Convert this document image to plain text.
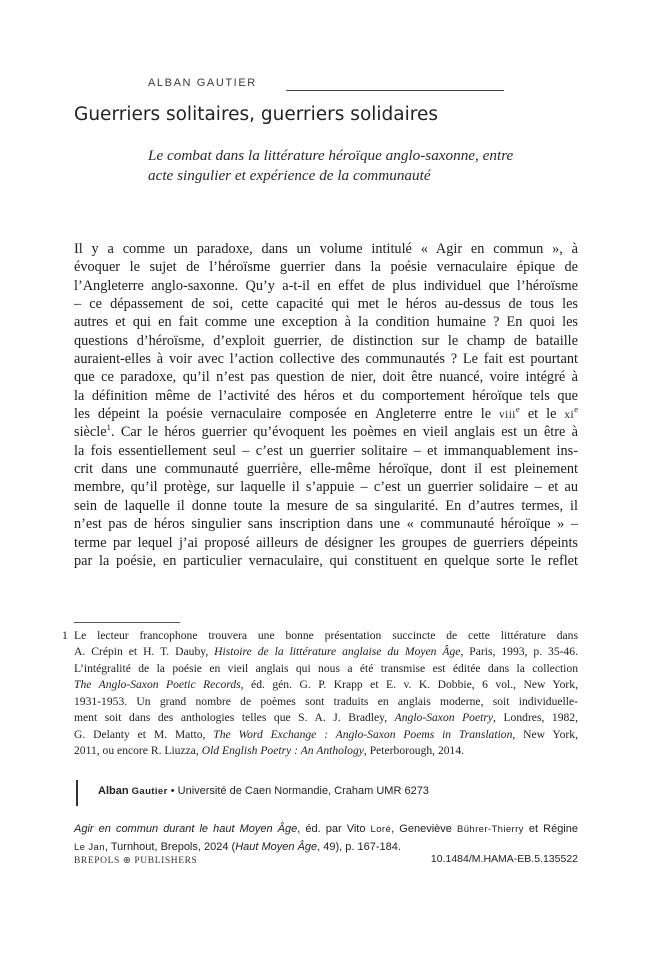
ALBAN GAUTIER
Guerriers solitaires, guerriers solidaires
Le combat dans la littérature héroïque anglo-saxonne, entre
acte singulier et expérience de la communauté
Il y a comme un paradoxe, dans un volume intitulé « Agir en commun », à
évoquer le sujet de l’héroïsme guerrier dans la poésie vernaculaire épique de
l’Angleterre anglo-saxonne. Qu’y a-t-il en effet de plus individuel que l’héroïsme
– ce dépassement de soi, cette capacité qui met le héros au-dessus de tous les
autres et qui en fait comme une exception à la condition humaine ? En quoi les
questions d’héroïsme, d’exploit guerrier, de distinction sur le champ de bataille
auraient-elles à voir avec l’action collective des communautés ? Le fait est pourtant
que ce paradoxe, qu’il n’est pas question de nier, doit être nuancé, voire intégré à
la définition même de l’activité des héros et du comportement héroïque tels que
les dépeint la poésie vernaculaire composée en Angleterre entre le viii$^e$ et le $xi^e$
siècle$^1$. Car le héros guerrier qu’évoquent les poèmes en vieil anglais est un être à
la fois essentiellement seul – c’est un guerrier solitaire – et immanquablement ins-
crit dans une communauté guerrière, elle-même héroïque, dont il est pleinement
membre, qu’il protège, sur laquelle il s’appuie – c’est un guerrier solidaire – et au
sein de laquelle il donne toute la mesure de sa singularité. En d’autres termes, il
n’est pas de héros singulier sans inscription dans une « communauté héroïque » –
terme par lequel j’ai proposé ailleurs de désigner les groupes de guerriers dépeints
par la poésie, en particulier vernaculaire, qui constituent en quelque sorte le reflet
1 Le lecteur francophone trouvera une bonne présentation succincte de cette littérature dans
A. Crépin et H. T. Dauby, Histoire de la littérature anglaise du Moyen Âge, Paris, 1993, p. 35-46.
L’intégralité de la poésie en vieil anglais qui nous a été transmise est éditée dans la collection
The Anglo-Saxon Poetic Records, éd. gén. G. P. Krapp et E. v. K. Dobbie, 6 vol., New York,
1931-1953. Un grand nombre de poèmes sont traduits en anglais moderne, soit individuelle-
ment soit dans des anthologies telles que S. A. J. Bradley, Anglo-Saxon Poetry, Londres, 1982,
G. Delanty et M. Matto, The Word Exchange : Anglo-Saxon Poems in Translation, New York,
2011, ou encore R. Liuzza, Old English Poetry : An Anthology, Peterborough, 2014.
Alban Gautier • Université de Caen Normandie, Craham UMR 6273
Agir en commun durant le haut Moyen Âge, éd. par Vito Loré, Geneviève Bührer-Thierry et Régine
Le Jan, Turnhout, Brepols, 2024 (Haut Moyen Âge, 49), p. 167-184.
BREPOLS ⊕ PUBLISHERS	10.1484/M.HAMA-EB.5.135522
